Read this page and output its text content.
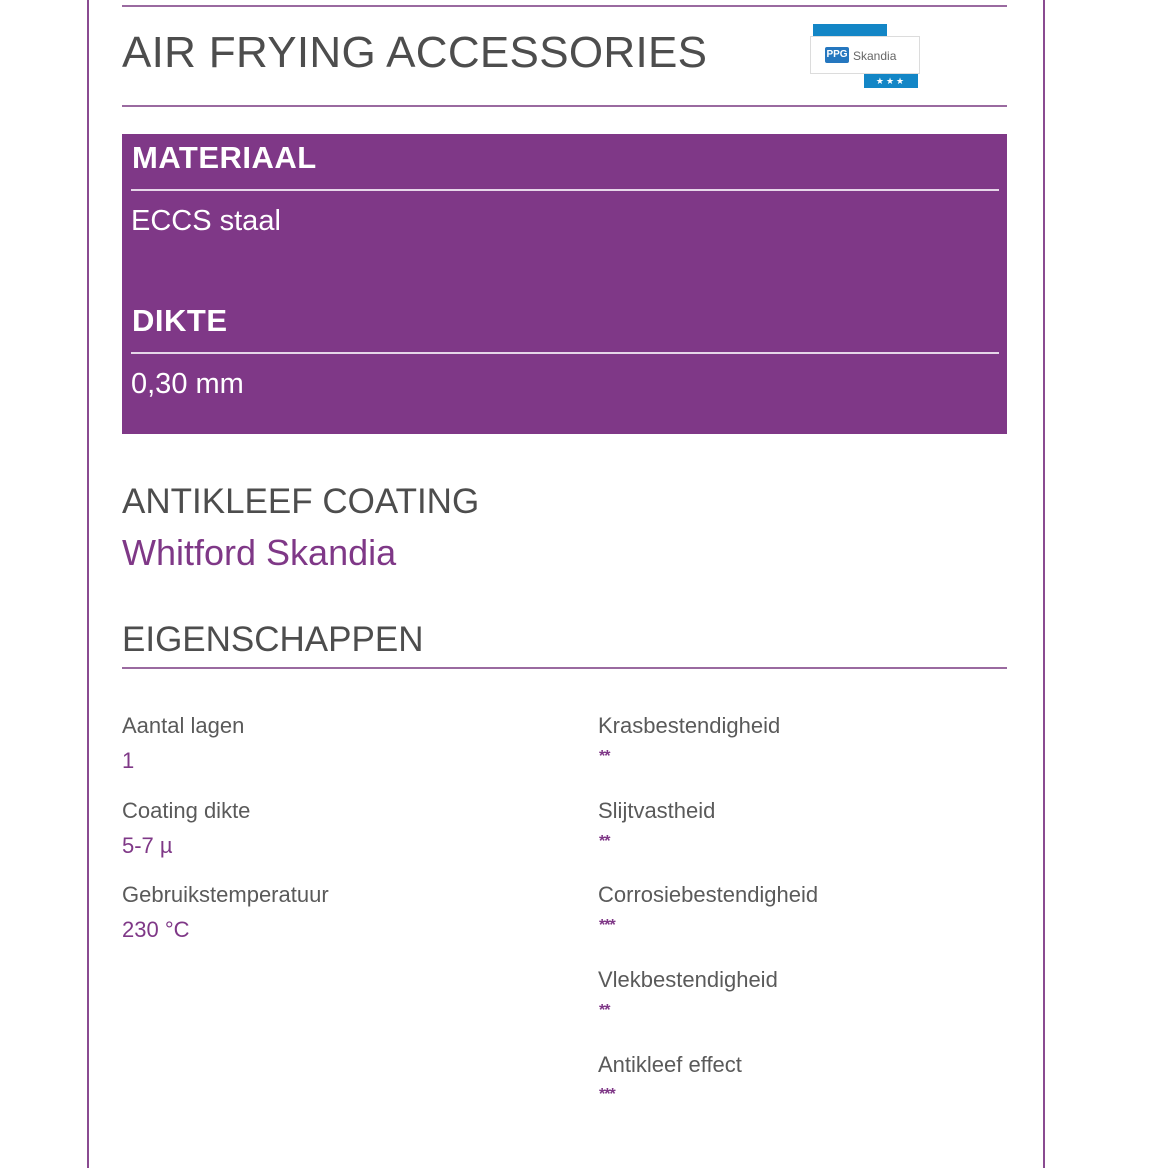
AIR FRYING ACCESSORIES	PPG Skandia
★★★
MATERIAAL
ECCS staal
DIKTE
0,30 mm
ANTIKLEEF COATING
Whitford Skandia
EIGENSCHAPPEN
Aantal lagen
1
Coating dikte
5-7 µ
Gebruikstemperatuur
230 °C
Krasbestendigheid
**
Slijtvastheid
**
Corrosiebestendigheid
***
Vlekbestendigheid
**
Antikleef effect
***
